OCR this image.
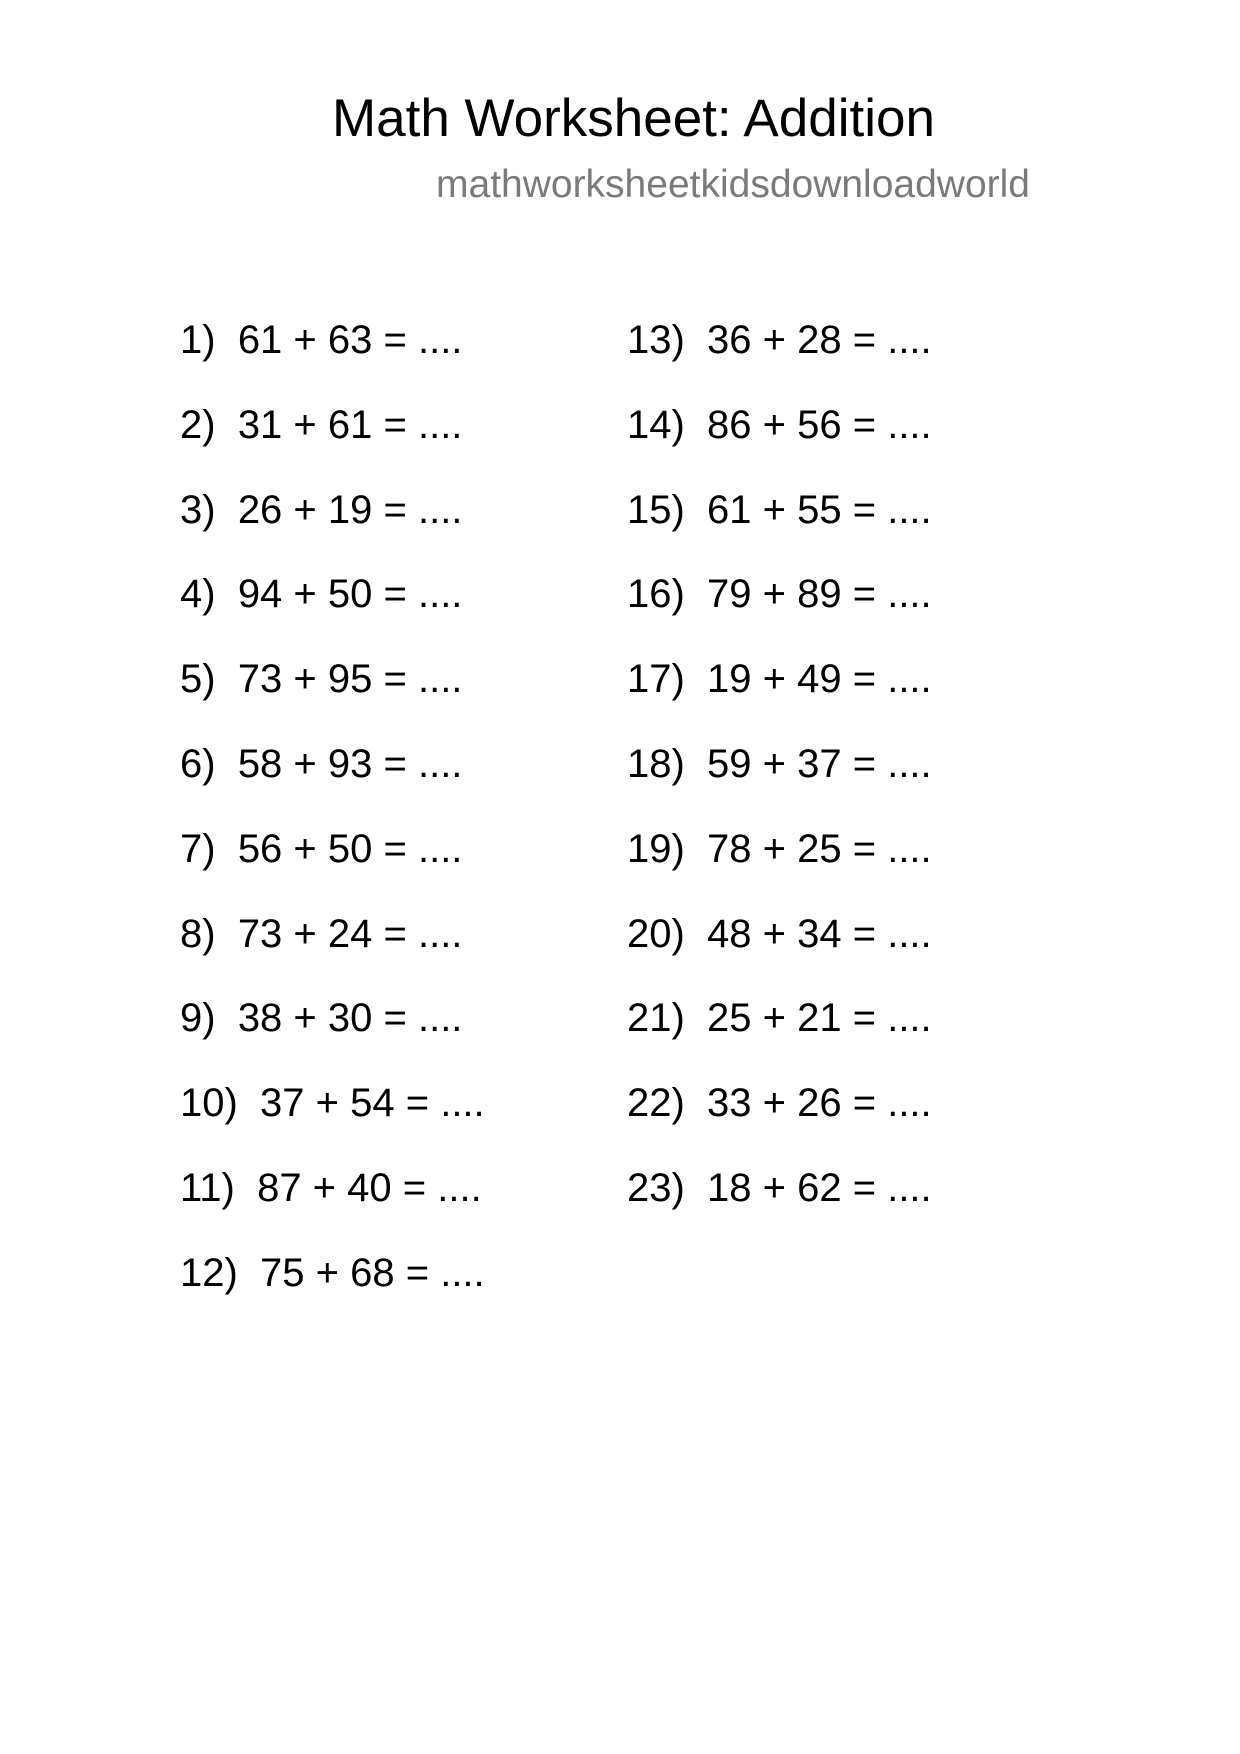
Math Worksheet: Addition
mathworksheetkidsdownloadworld
1) 61 + 63 = ....
2) 31 + 61 = ....
3) 26 + 19 = ....
4) 94 + 50 = ....
5) 73 + 95 = ....
6) 58 + 93 = ....
7) 56 + 50 = ....
8) 73 + 24 = ....
9) 38 + 30 = ....
10) 37 + 54 = ....
11) 87 + 40 = ....
12) 75 + 68 = ....
13) 36 + 28 = ....
14) 86 + 56 = ....
15) 61 + 55 = ....
16) 79 + 89 = ....
17) 19 + 49 = ....
18) 59 + 37 = ....
19) 78 + 25 = ....
20) 48 + 34 = ....
21) 25 + 21 = ....
22) 33 + 26 = ....
23) 18 + 62 = ....
